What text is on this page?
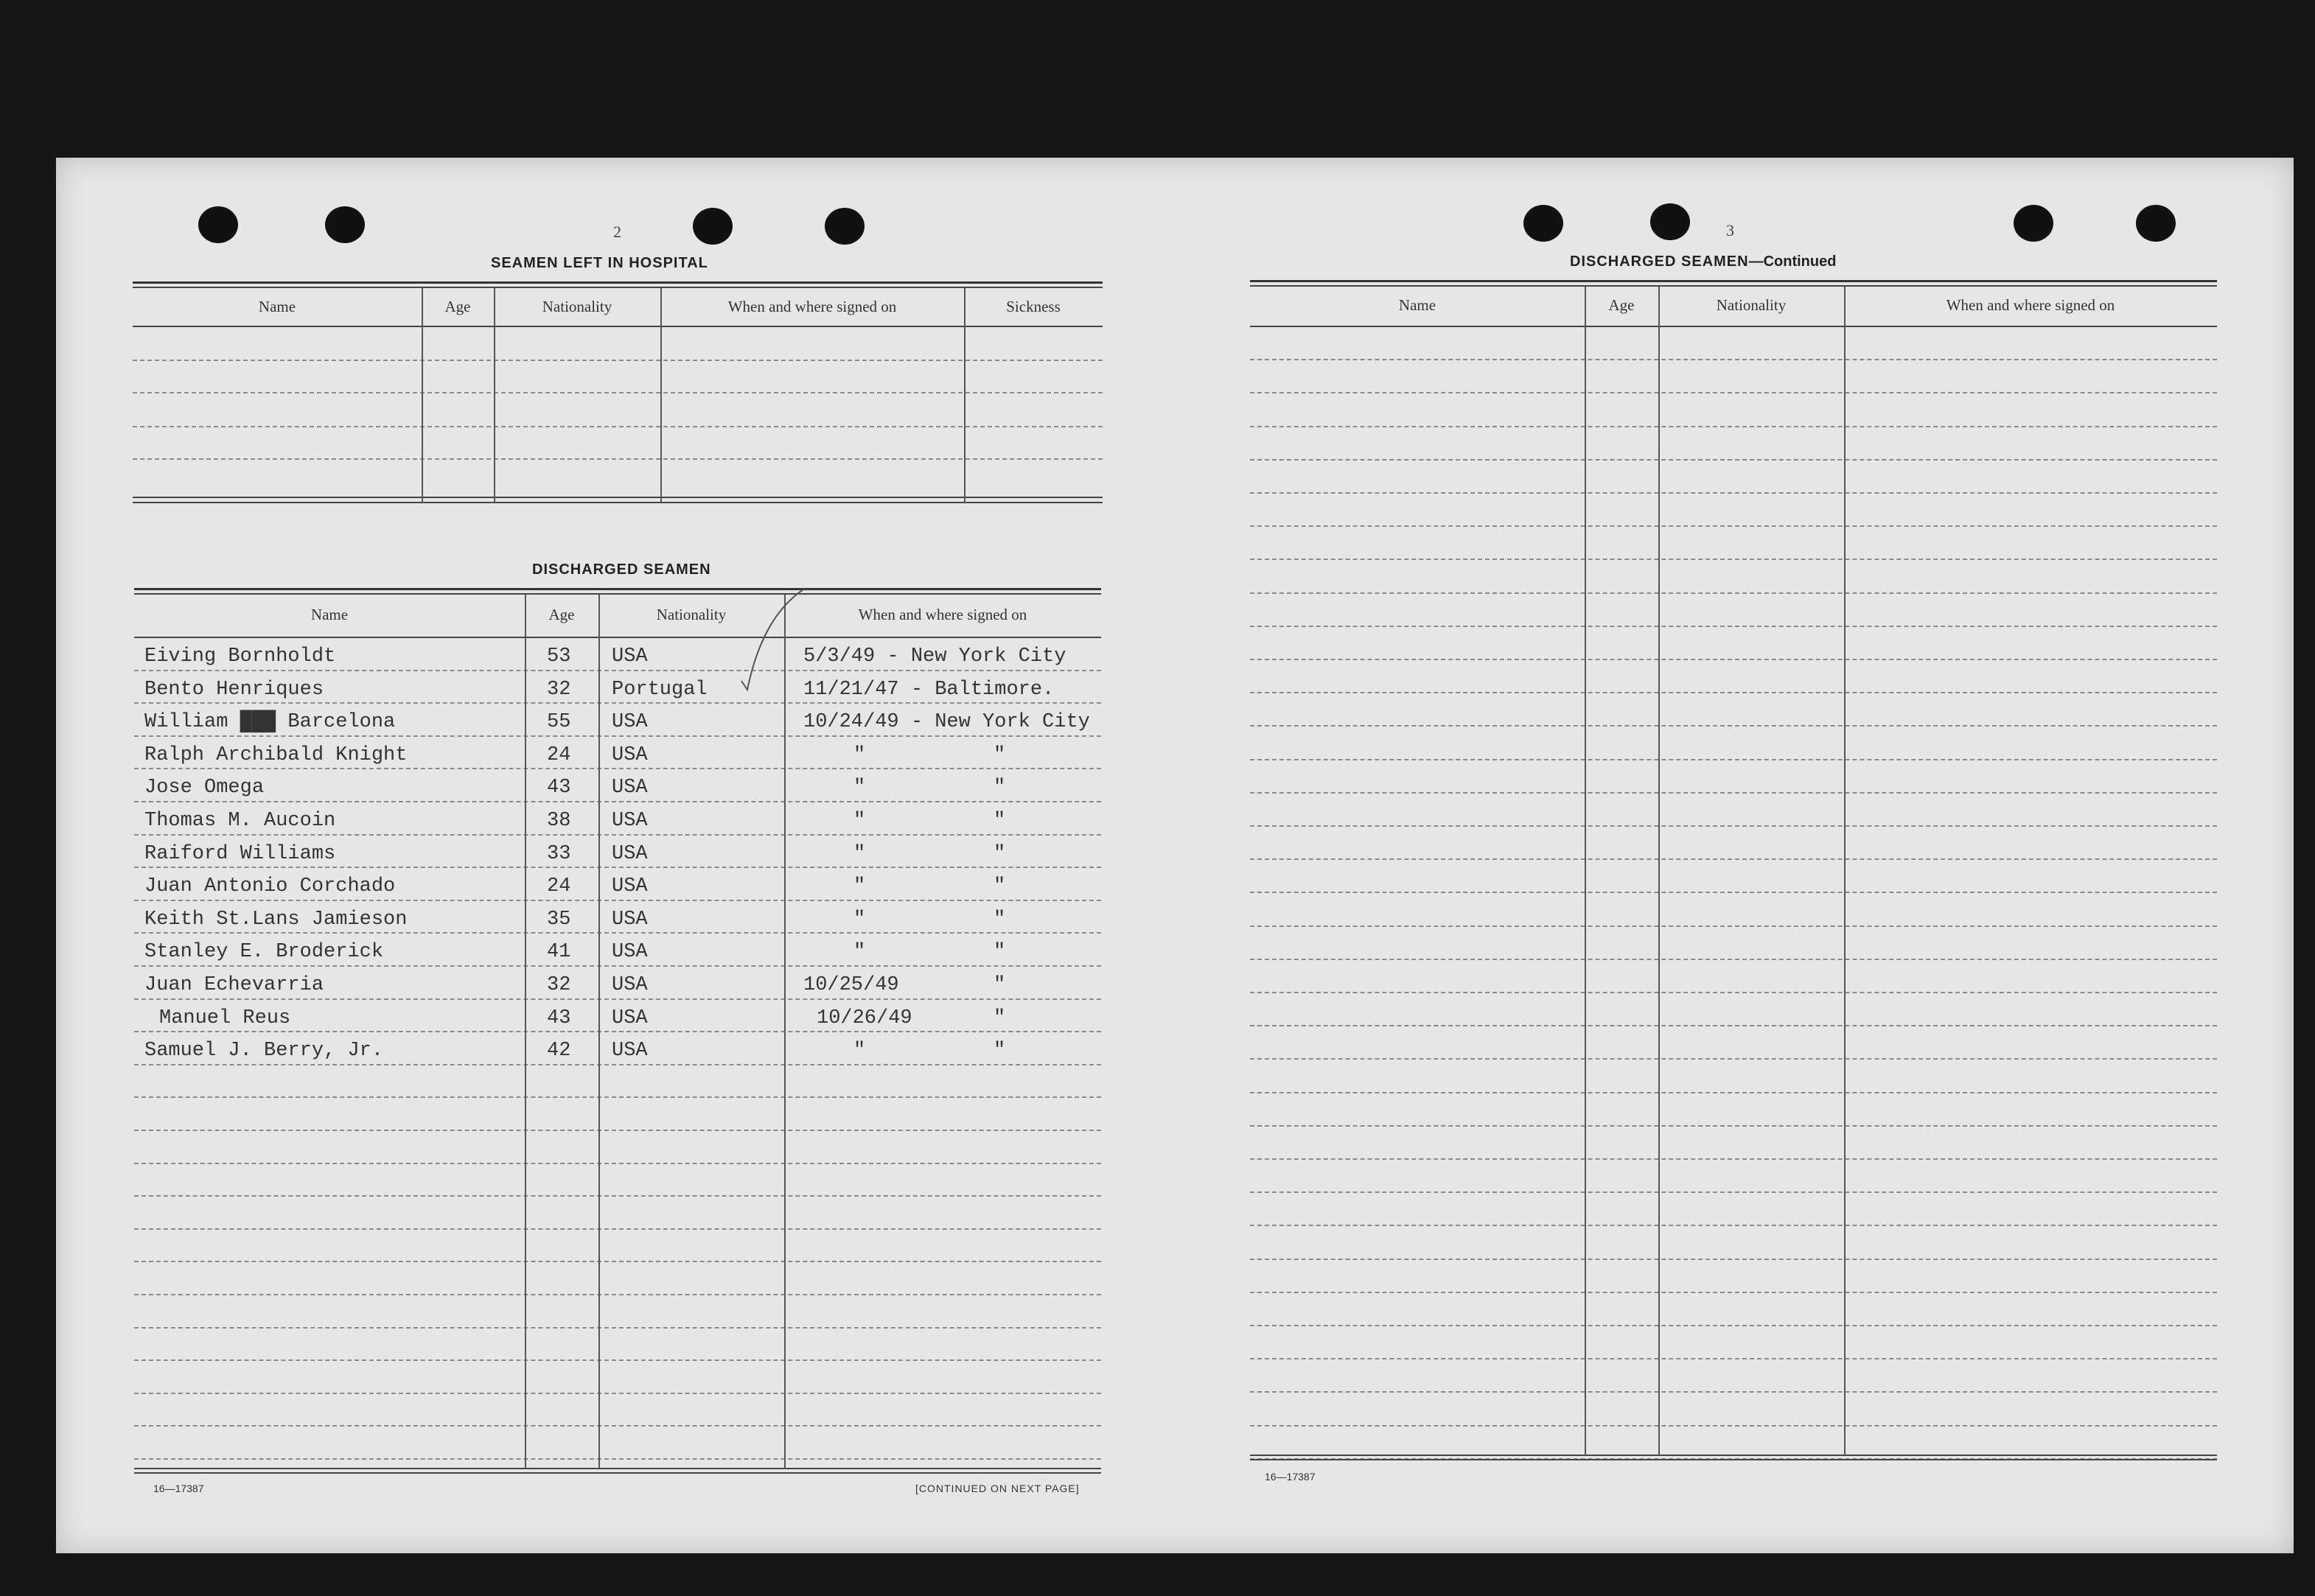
2
SEAMEN LEFT IN HOSPITAL
Name	Age	Nationality	When and where signed on	Sickness
DISCHARGED SEAMEN
Name	Age	Nationality	When and where signed on
Eiving Bornholdt	53 USA	5/3/49 - New York City
Bento Henriques	32 Portugal	11/21/47 - Baltimore.
William ███ Barcelona	55 USA	10/24/49 - New York City
Ralph Archibald Knight	24 USA	"	"
Jose Omega	43 USA	"	"
Thomas M. Aucoin	38 USA	"	"
Raiford Williams	33 USA	"	"
Juan Antonio Corchado	24 USA	"	"
Keith St.Lans Jamieson	35 USA	"	"
Stanley E. Broderick	41 USA	"	"
Juan Echevarria	32 USA	10/25/49	"
Manuel Reus	43 USA	10/26/49	"
Samuel J. Berry, Jr.	42 USA	"	"
16—17387	[CONTINUED ON NEXT PAGE]
3
DISCHARGED SEAMEN—Continued
Name	Age	Nationality	When and where signed on
16—17387
